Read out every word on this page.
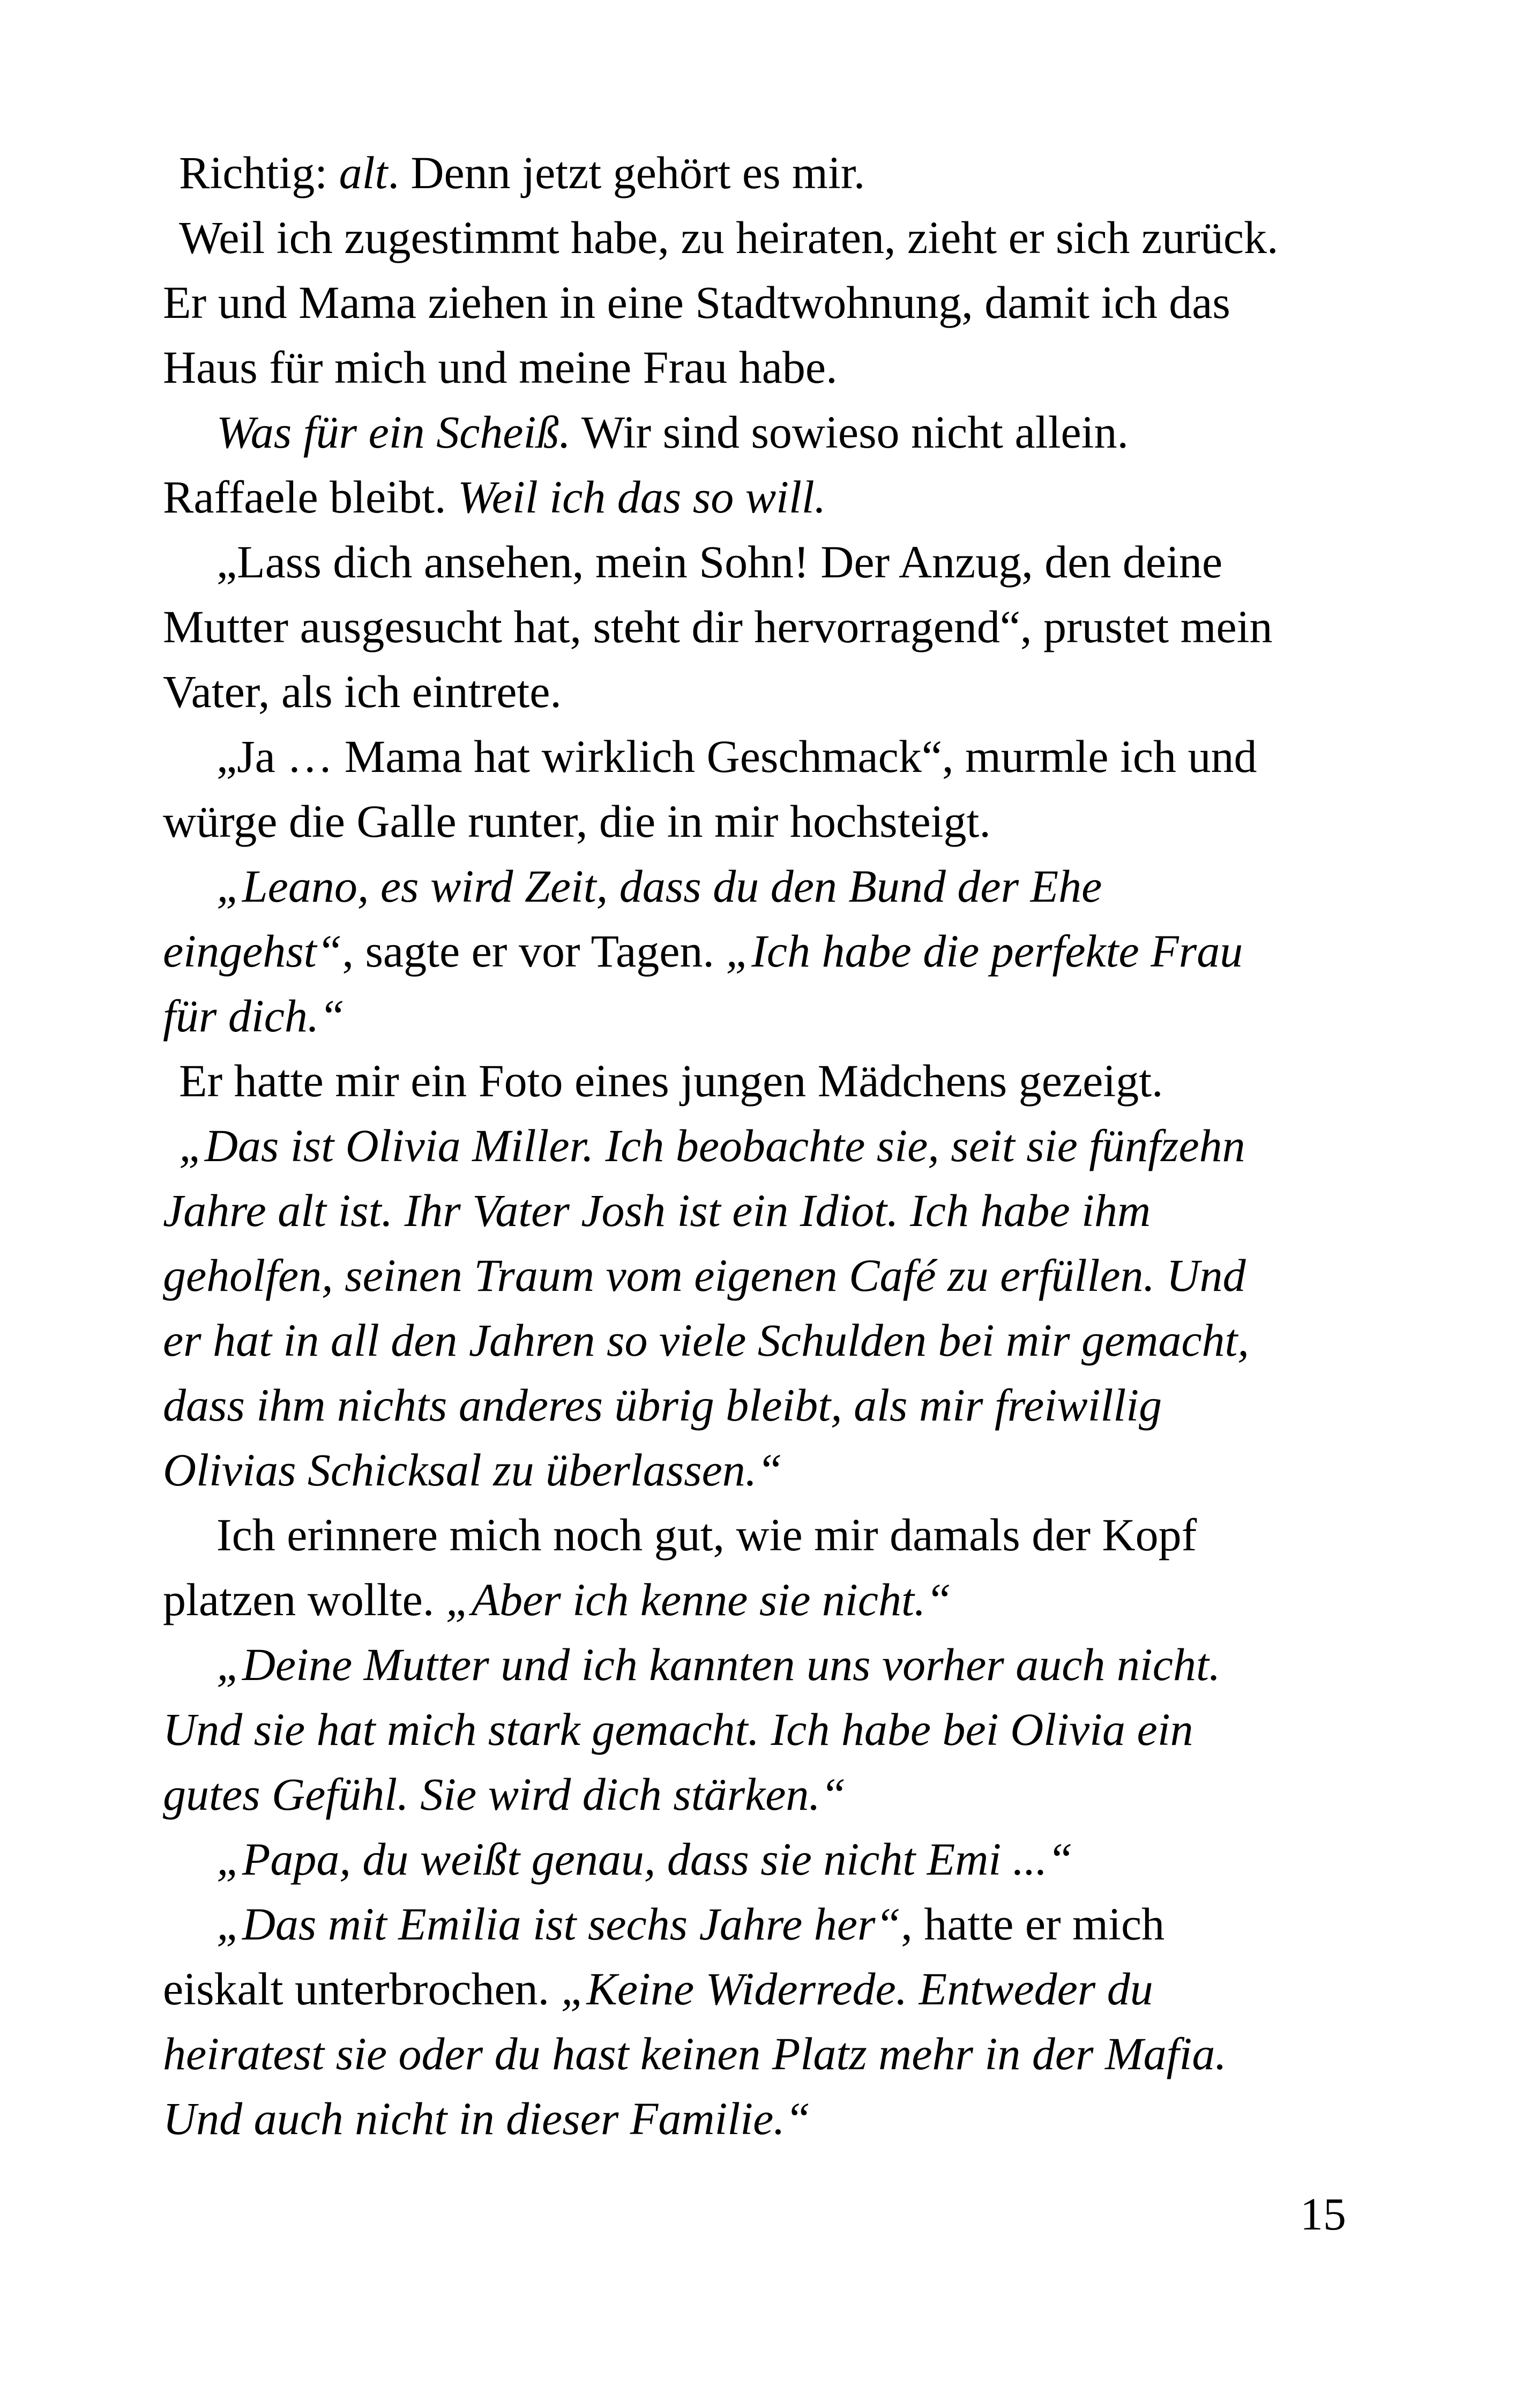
Richtig: alt. Denn jetzt gehört es mir.
Weil ich zugestimmt habe, zu heiraten, zieht er sich zurück.
Er und Mama ziehen in eine Stadtwohnung, damit ich das
Haus für mich und meine Frau habe.
Was für ein Scheiß. Wir sind sowieso nicht allein.
Raffaele bleibt. Weil ich das so will.
„Lass dich ansehen, mein Sohn! Der Anzug, den deine
Mutter ausgesucht hat, steht dir hervorragend“, prustet mein
Vater, als ich eintrete.
„Ja … Mama hat wirklich Geschmack“, murmle ich und
würge die Galle runter, die in mir hochsteigt.
„Leano, es wird Zeit, dass du den Bund der Ehe
eingehst“, sagte er vor Tagen. „Ich habe die perfekte Frau
für dich.“
Er hatte mir ein Foto eines jungen Mädchens gezeigt.
„Das ist Olivia Miller. Ich beobachte sie, seit sie fünfzehn
Jahre alt ist. Ihr Vater Josh ist ein Idiot. Ich habe ihm
geholfen, seinen Traum vom eigenen Café zu erfüllen. Und
er hat in all den Jahren so viele Schulden bei mir gemacht,
dass ihm nichts anderes übrig bleibt, als mir freiwillig
Olivias Schicksal zu überlassen.“
Ich erinnere mich noch gut, wie mir damals der Kopf
platzen wollte. „Aber ich kenne sie nicht.“
„Deine Mutter und ich kannten uns vorher auch nicht.
Und sie hat mich stark gemacht. Ich habe bei Olivia ein
gutes Gefühl. Sie wird dich stärken.“
„Papa, du weißt genau, dass sie nicht Emi ...“
„Das mit Emilia ist sechs Jahre her“, hatte er mich
eiskalt unterbrochen. „Keine Widerrede. Entweder du
heiratest sie oder du hast keinen Platz mehr in der Mafia.
Und auch nicht in dieser Familie.“
15
